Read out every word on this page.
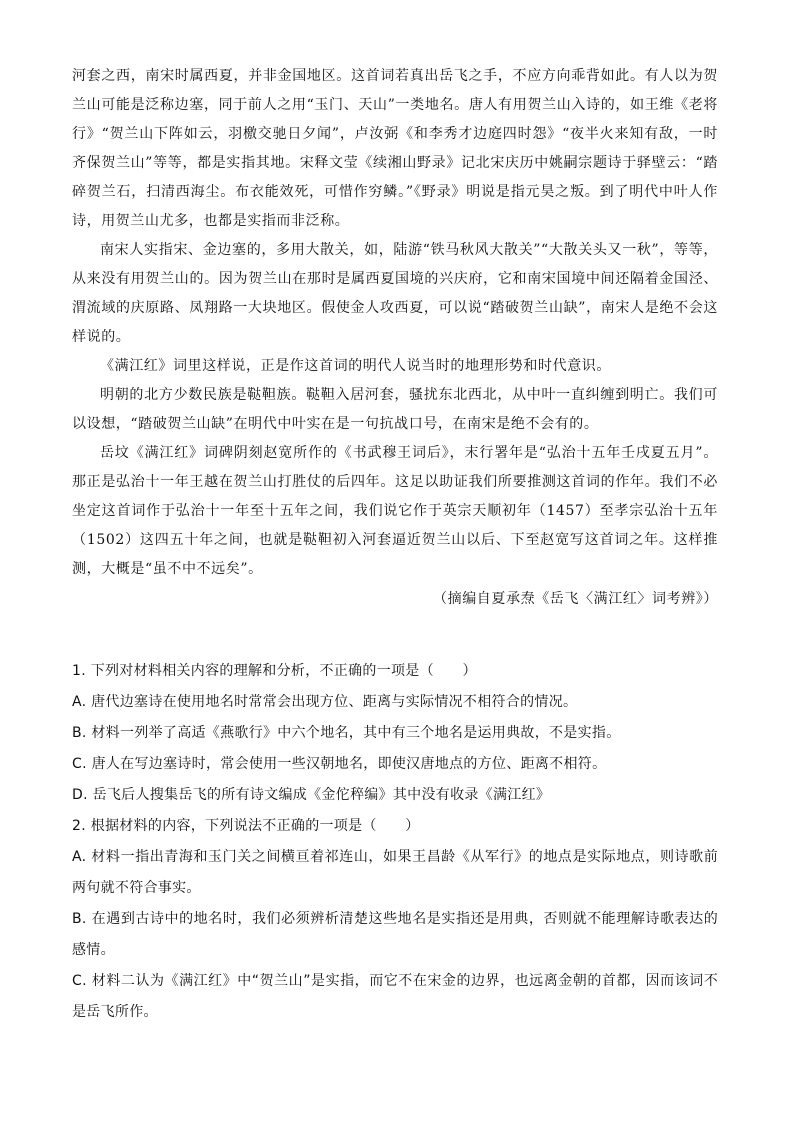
河套之西，南宋时属西夏，并非金国地区。这首词若真出岳飞之手，不应方向乖背如此。有人以为贺兰山可能是泛称边塞，同于前人之用“玉门、天山”一类地名。唐人有用贺兰山入诗的，如王维《老将行》“贺兰山下阵如云，羽檄交驰日夕闻”，卢汝弼《和李秀才边庭四时怨》“夜半火来知有敌，一时齐保贺兰山”等等，都是实指其地。宋释文莹《续湘山野录》记北宋庆历中姚嗣宗题诗于驿壁云：“踏碎贺兰石，扫清西海尘。布衣能效死，可惜作穷鳞。”《野录》明说是指元昊之叛。到了明代中叶人作诗，用贺兰山尤多，也都是实指而非泛称。

南宋人实指宋、金边塞的，多用大散关，如，陆游“铁马秋风大散关”“大散关头又一秋”，等等，从来没有用贺兰山的。因为贺兰山在那时是属西夏国境的兴庆府，它和南宋国境中间还隔着金国泾、渭流域的庆原路、凤翔路一大块地区。假使金人攻西夏，可以说“踏破贺兰山缺”，南宋人是绝不会这样说的。

《满江红》词里这样说，正是作这首词的明代人说当时的地理形势和时代意识。

明朝的北方少数民族是鞑靼族。鞑靼入居河套，骚扰东北西北，从中叶一直纠缠到明亡。我们可以设想，“踏破贺兰山缺”在明代中叶实在是一句抗战口号，在南宋是绝不会有的。

岳坟《满江红》词碑阴刻赵宽所作的《书武穆王词后》，末行署年是“弘治十五年壬戌夏五月”。那正是弘治十一年王越在贺兰山打胜仗的后四年。这足以助证我们所要推测这首词的作年。我们不必坐定这首词作于弘治十一年至十五年之间，我们说它作于英宗天顺初年（1457）至孝宗弘治十五年（1502）这四五十年之间，也就是鞑靼初入河套逼近贺兰山以后、下至赵宽写这首词之年。这样推测，大概是“虽不中不远矣”。

（摘编自夏承焘《岳飞〈满江红〉词考辨》）

1. 下列对材料相关内容的理解和分析，不正确的一项是（　　）

A. 唐代边塞诗在使用地名时常常会出现方位、距离与实际情况不相符合的情况。

B. 材料一列举了高适《燕歌行》中六个地名，其中有三个地名是运用典故，不是实指。

C. 唐人在写边塞诗时，常会使用一些汉朝地名，即使汉唐地点的方位、距离不相符。

D. 岳飞后人搜集岳飞的所有诗文编成《金佗稡编》其中没有收录《满江红》

2. 根据材料的内容，下列说法不正确的一项是（　　）

A. 材料一指出青海和玉门关之间横亘着祁连山，如果王昌龄《从军行》的地点是实际地点，则诗歌前两句就不符合事实。

B. 在遇到古诗中的地名时，我们必须辨析清楚这些地名是实指还是用典，否则就不能理解诗歌表达的感情。

C. 材料二认为《满江红》中“贺兰山”是实指，而它不在宋金的边界，也远离金朝的首都，因而该词不是岳飞所作。
